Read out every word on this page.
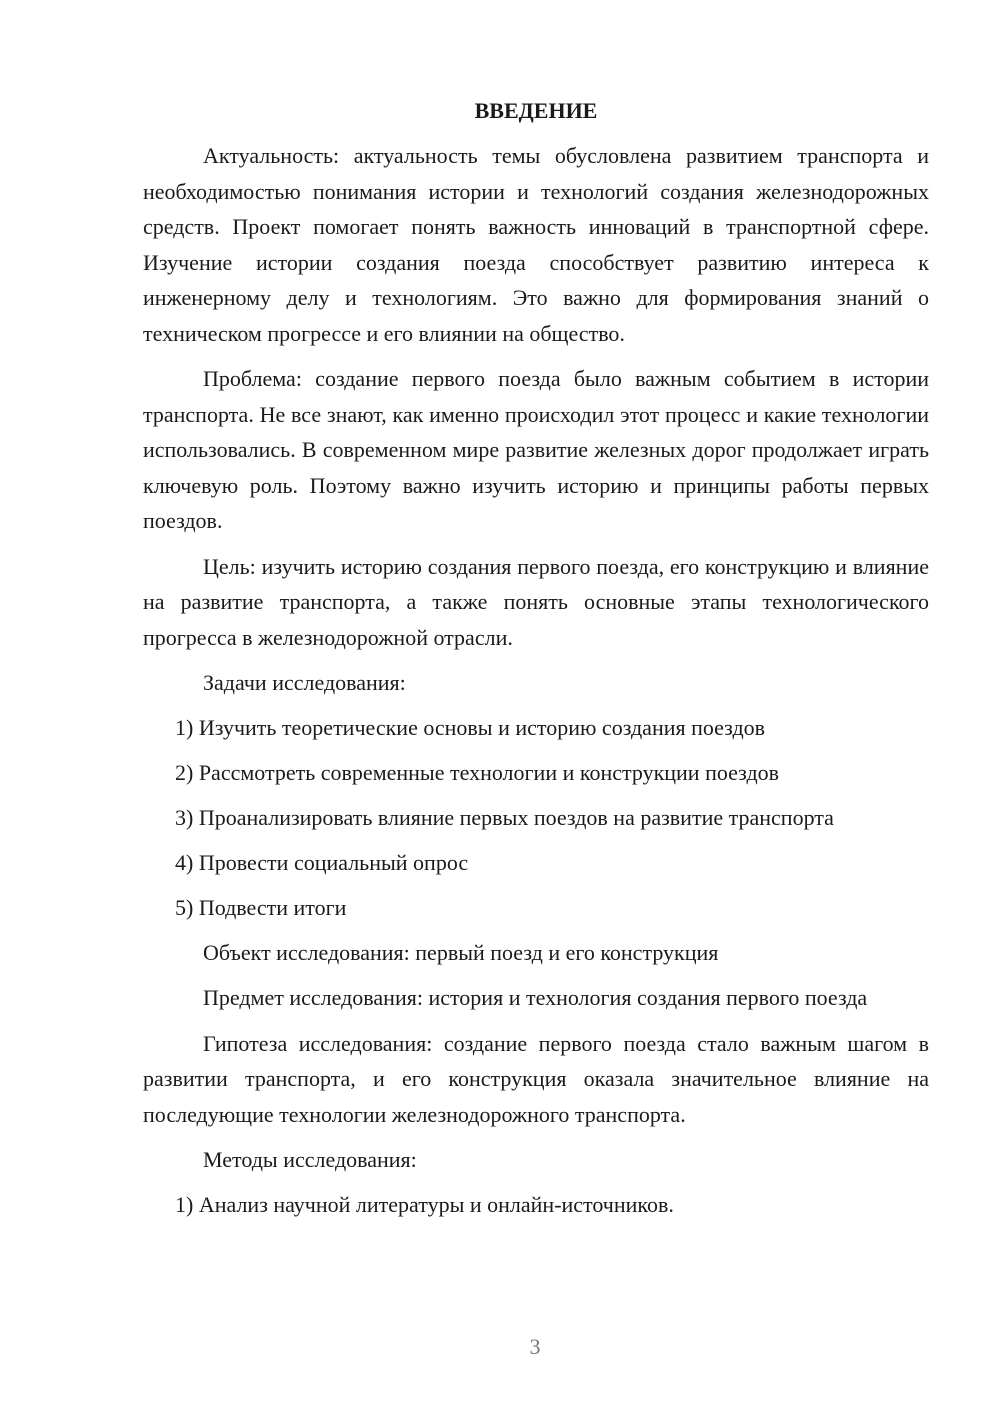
ВВЕДЕНИЕ

Актуальность: актуальность темы обусловлена развитием транспорта и необходимостью понимания истории и технологий создания железнодорожных средств. Проект помогает понять важность инноваций в транспортной сфере. Изучение истории создания поезда способствует развитию интереса к инженерному делу и технологиям. Это важно для формирования знаний о техническом прогрессе и его влиянии на общество.

Проблема: создание первого поезда было важным событием в истории транспорта. Не все знают, как именно происходил этот процесс и какие технологии использовались. В современном мире развитие железных дорог продолжает играть ключевую роль. Поэтому важно изучить историю и принципы работы первых поездов.

Цель: изучить историю создания первого поезда, его конструкцию и влияние на развитие транспорта, а также понять основные этапы технологического прогресса в железнодорожной отрасли.

Задачи исследования:

1) Изучить теоретические основы и историю создания поездов
2) Рассмотреть современные технологии и конструкции поездов
3) Проанализировать влияние первых поездов на развитие транспорта
4) Провести социальный опрос
5) Подвести итоги

Объект исследования: первый поезд и его конструкция

Предмет исследования: история и технология создания первого поезда

Гипотеза исследования: создание первого поезда стало важным шагом в развитии транспорта, и его конструкция оказала значительное влияние на последующие технологии железнодорожного транспорта.

Методы исследования:

1) Анализ научной литературы и онлайн-источников.
3
